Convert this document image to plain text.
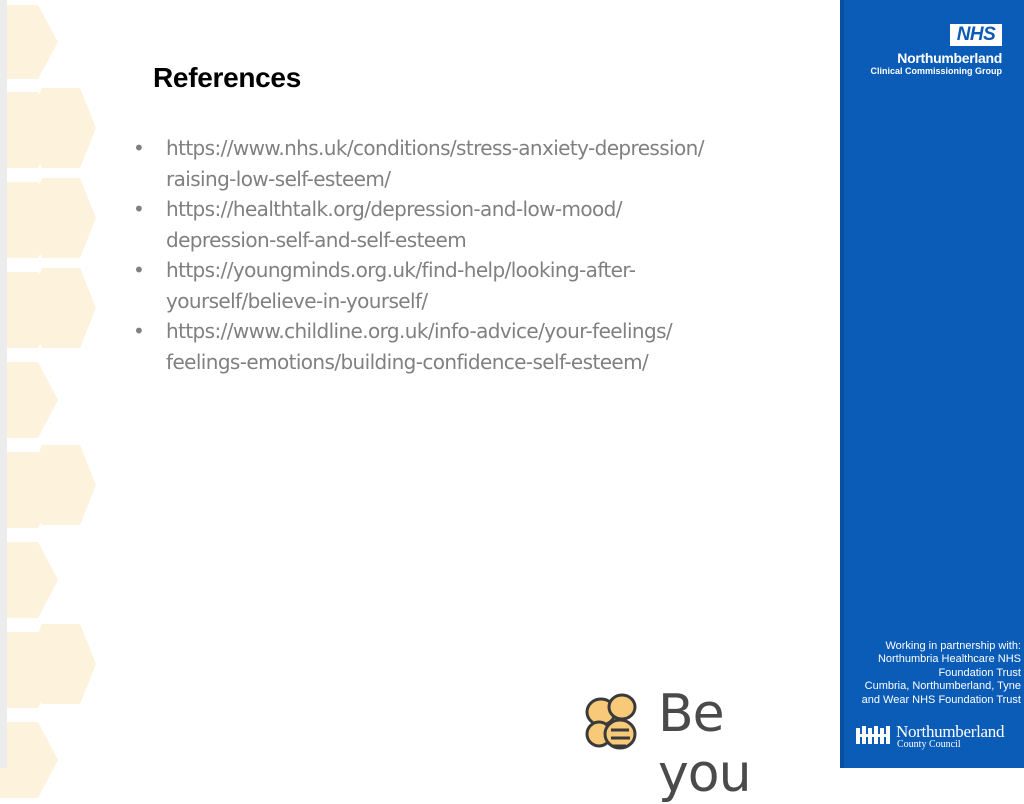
References
• https://www.nhs.uk/conditions/stress-anxiety-depression/
raising-low-self-esteem/
• https://healthtalk.org/depression-and-low-mood/
depression-self-and-self-esteem
• https://youngminds.org.uk/find-help/looking-after-
yourself/believe-in-yourself/
• https://www.childline.org.uk/info-advice/your-feelings/
feelings-emotions/building-confidence-self-esteem/
Be you
NHS
Northumberland
Clinical Commissioning Group
Working in partnership with:
Northumbria Healthcare NHS
Foundation Trust
Cumbria, Northumberland, Tyne
and Wear NHS Foundation Trust
Northumberland
County Council
